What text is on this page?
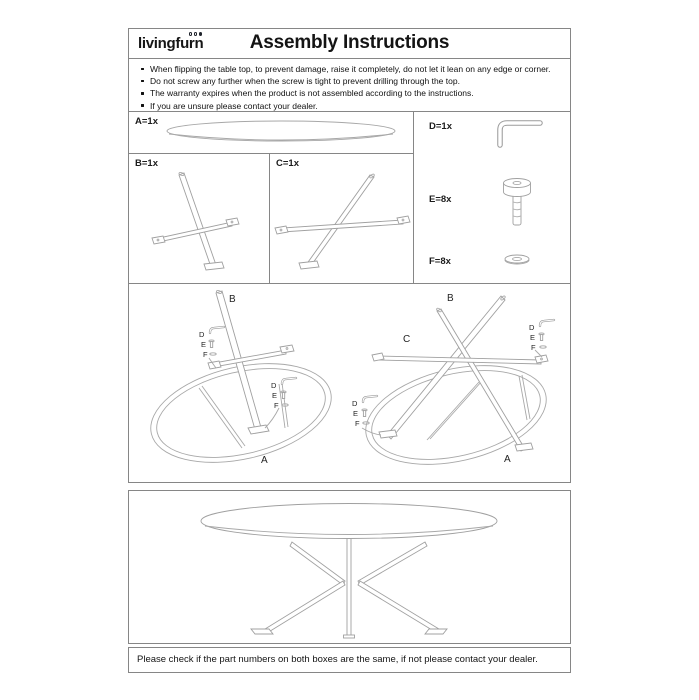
livingfurn	Assembly Instructions
When flipping the table top, to prevent damage, raise it completely, do not let it lean on any edge or corner.
Do not screw any further when the screw is tight to prevent drilling through the top.
The warranty expires when the product is not assembled according to the instructions.
If you are unsure please contact your dealer.
A=1x
B=1x	C=1x
D=1x
E=8x
F=8x
B
A
D
E
F
D
E
F
B
C
A
D
E
F
D
E
F
Please check if the part numbers on both boxes are the same, if not please contact your dealer.
